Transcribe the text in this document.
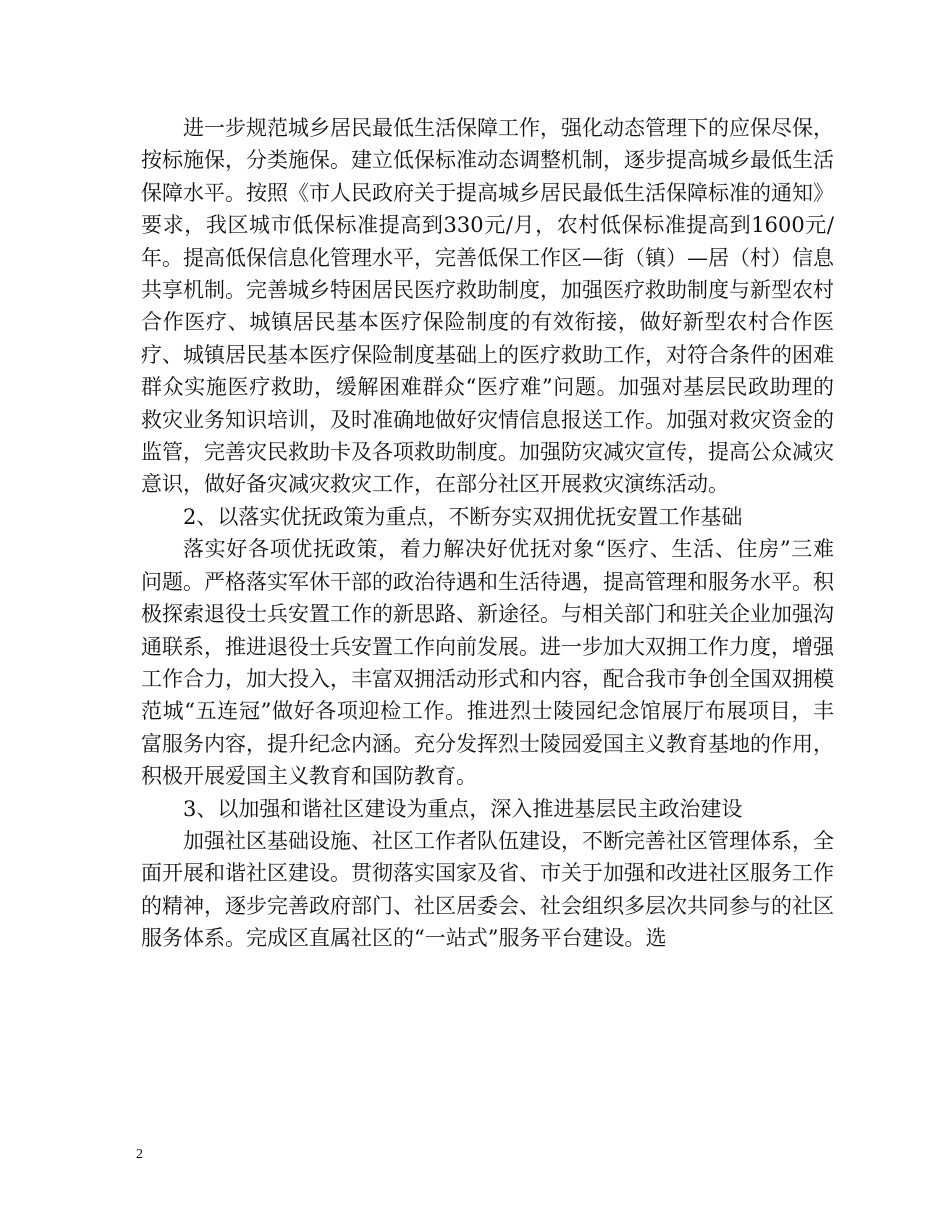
进一步规范城乡居民最低生活保障工作，强化动态管理下的应保尽保，按标施保，分类施保。建立低保标准动态调整机制，逐步提高城乡最低生活保障水平。按照《市人民政府关于提高城乡居民最低生活保障标准的通知》要求，我区城市低保标准提高到330元/月，农村低保标准提高到1600元/年。提高低保信息化管理水平，完善低保工作区—街（镇）—居（村）信息共享机制。完善城乡特困居民医疗救助制度，加强医疗救助制度与新型农村合作医疗、城镇居民基本医疗保险制度的有效衔接，做好新型农村合作医疗、城镇居民基本医疗保险制度基础上的医疗救助工作，对符合条件的困难群众实施医疗救助，缓解困难群众“医疗难”问题。加强对基层民政助理的救灾业务知识培训，及时准确地做好灾情信息报送工作。加强对救灾资金的监管，完善灾民救助卡及各项救助制度。加强防灾减灾宣传，提高公众减灾意识，做好备灾减灾救灾工作，在部分社区开展救灾演练活动。

2、以落实优抚政策为重点，不断夯实双拥优抚安置工作基础

落实好各项优抚政策，着力解决好优抚对象“医疗、生活、住房”三难问题。严格落实军休干部的政治待遇和生活待遇，提高管理和服务水平。积极探索退役士兵安置工作的新思路、新途径。与相关部门和驻关企业加强沟通联系，推进退役士兵安置工作向前发展。进一步加大双拥工作力度，增强工作合力，加大投入，丰富双拥活动形式和内容，配合我市争创全国双拥模范城“五连冠”做好各项迎检工作。推进烈士陵园纪念馆展厅布展项目，丰富服务内容，提升纪念内涵。充分发挥烈士陵园爱国主义教育基地的作用，积极开展爱国主义教育和国防教育。

3、以加强和谐社区建设为重点，深入推进基层民主政治建设

加强社区基础设施、社区工作者队伍建设，不断完善社区管理体系，全面开展和谐社区建设。贯彻落实国家及省、市关于加强和改进社区服务工作的精神，逐步完善政府部门、社区居委会、社会组织多层次共同参与的社区服务体系。完成区直属社区的“一站式”服务平台建设。选

2
